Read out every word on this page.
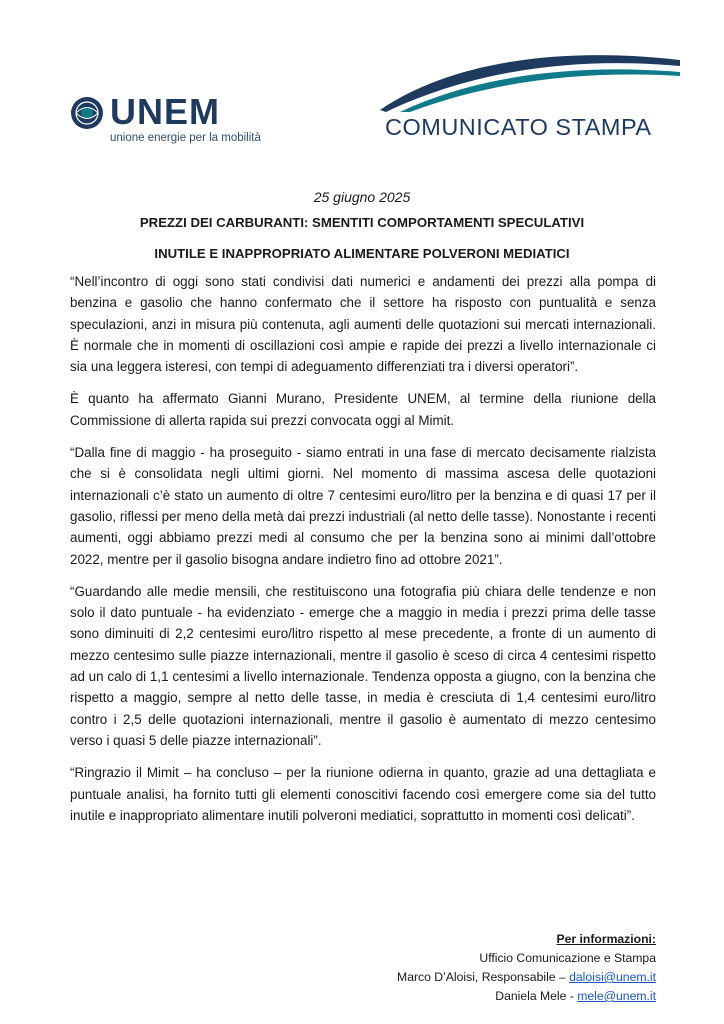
UNEM
unione energie per la mobilità	COMUNICATO STAMPA
25 giugno 2025
PREZZI DEI CARBURANTI: SMENTITI COMPORTAMENTI SPECULATIVI
INUTILE E INAPPROPRIATO ALIMENTARE POLVERONI MEDIATICI

“Nell’incontro di oggi sono stati condivisi dati numerici e andamenti dei prezzi alla pompa di benzina e gasolio che hanno confermato che il settore ha risposto con puntualità e senza speculazioni, anzi in misura più contenuta, agli aumenti delle quotazioni sui mercati internazionali. È normale che in momenti di oscillazioni così ampie e rapide dei prezzi a livello internazionale ci sia una leggera isteresi, con tempi di adeguamento differenziati tra i diversi operatori”.

È quanto ha affermato Gianni Murano, Presidente UNEM, al termine della riunione della Commissione di allerta rapida sui prezzi convocata oggi al Mimit.

“Dalla fine di maggio - ha proseguito - siamo entrati in una fase di mercato decisamente rialzista che si è consolidata negli ultimi giorni. Nel momento di massima ascesa delle quotazioni internazionali c’è stato un aumento di oltre 7 centesimi euro/litro per la benzina e di quasi 17 per il gasolio, riflessi per meno della metà dai prezzi industriali (al netto delle tasse). Nonostante i recenti aumenti, oggi abbiamo prezzi medi al consumo che per la benzina sono ai minimi dall’ottobre 2022, mentre per il gasolio bisogna andare indietro fino ad ottobre 2021”.

“Guardando alle medie mensili, che restituiscono una fotografia più chiara delle tendenze e non solo il dato puntuale - ha evidenziato - emerge che a maggio in media i prezzi prima delle tasse sono diminuiti di 2,2 centesimi euro/litro rispetto al mese precedente, a fronte di un aumento di mezzo centesimo sulle piazze internazionali, mentre il gasolio è sceso di circa 4 centesimi rispetto ad un calo di 1,1 centesimi a livello internazionale. Tendenza opposta a giugno, con la benzina che rispetto a maggio, sempre al netto delle tasse, in media è cresciuta di 1,4 centesimi euro/litro contro i 2,5 delle quotazioni internazionali, mentre il gasolio è aumentato di mezzo centesimo verso i quasi 5 delle piazze internazionali”.

“Ringrazio il Mimit – ha concluso – per la riunione odierna in quanto, grazie ad una dettagliata e puntuale analisi, ha fornito tutti gli elementi conoscitivi facendo così emergere come sia del tutto inutile e inappropriato alimentare inutili polveroni mediatici, soprattutto in momenti così delicati”.

Per informazioni:
Ufficio Comunicazione e Stampa
Marco D’Aloisi, Responsabile – daloisi@unem.it
Daniela Mele - mele@unem.it
